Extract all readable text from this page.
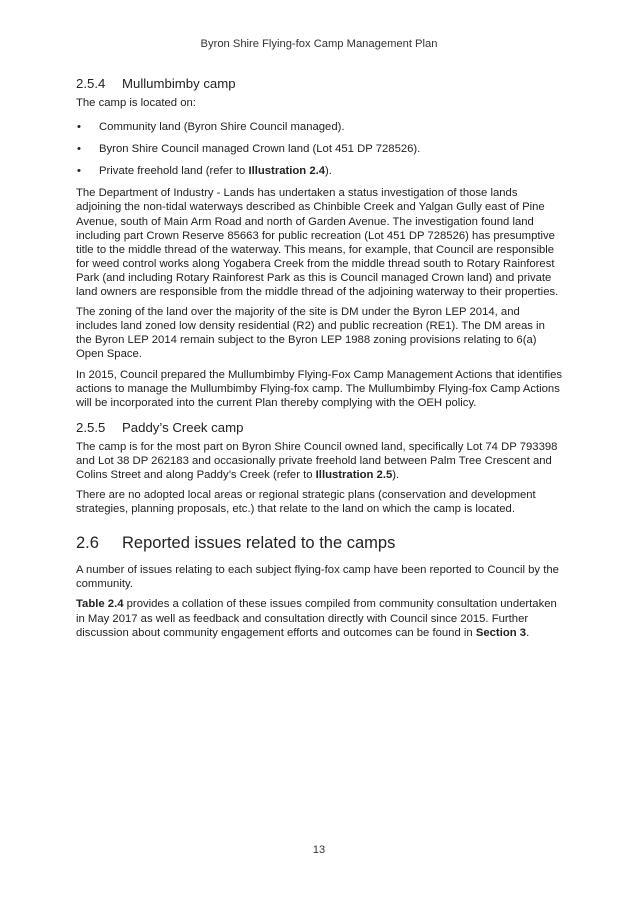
Byron Shire Flying-fox Camp Management Plan
2.5.4	Mullumbimby camp

The camp is located on:

•	Community land (Byron Shire Council managed).
•	Byron Shire Council managed Crown land (Lot 451 DP 728526).
•	Private freehold land (refer to Illustration 2.4).

The Department of Industry - Lands has undertaken a status investigation of those lands adjoining the non-tidal waterways described as Chinbible Creek and Yalgan Gully east of Pine Avenue, south of Main Arm Road and north of Garden Avenue. The investigation found land including part Crown Reserve 85663 for public recreation (Lot 451 DP 728526) has presumptive title to the middle thread of the waterway. This means, for example, that Council are responsible for weed control works along Yogabera Creek from the middle thread south to Rotary Rainforest Park (and including Rotary Rainforest Park as this is Council managed Crown land) and private land owners are responsible from the middle thread of the adjoining waterway to their properties.

The zoning of the land over the majority of the site is DM under the Byron LEP 2014, and includes land zoned low density residential (R2) and public recreation (RE1). The DM areas in the Byron LEP 2014 remain subject to the Byron LEP 1988 zoning provisions relating to 6(a) Open Space.

In 2015, Council prepared the Mullumbimby Flying-Fox Camp Management Actions that identifies actions to manage the Mullumbimby Flying-fox camp. The Mullumbimby Flying-fox Camp Actions will be incorporated into the current Plan thereby complying with the OEH policy.

2.5.5	Paddy’s Creek camp

The camp is for the most part on Byron Shire Council owned land, specifically Lot 74 DP 793398 and Lot 38 DP 262183 and occasionally private freehold land between Palm Tree Crescent and Colins Street and along Paddy’s Creek (refer to Illustration 2.5).

There are no adopted local areas or regional strategic plans (conservation and development strategies, planning proposals, etc.) that relate to the land on which the camp is located.

2.6	Reported issues related to the camps

A number of issues relating to each subject flying-fox camp have been reported to Council by the community.

Table 2.4 provides a collation of these issues compiled from community consultation undertaken in May 2017 as well as feedback and consultation directly with Council since 2015. Further discussion about community engagement efforts and outcomes can be found in Section 3.

13
